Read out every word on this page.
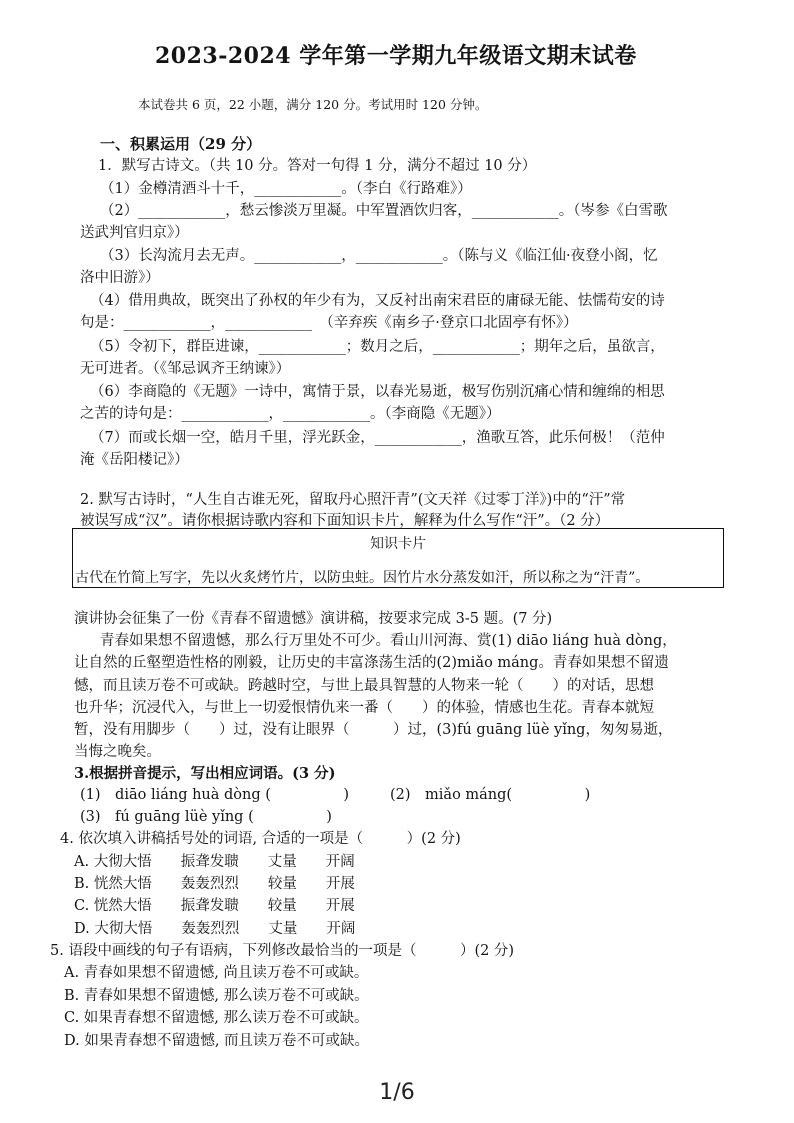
2023-2024 学年第一学期九年级语文期末试卷
本试卷共 6 页，22 小题，满分 120 分。考试用时 120 分钟。
一、积累运用（29 分）
1．默写古诗文。（共 10 分。答对一句得 1 分，满分不超过 10 分）
（1）金樽清酒斗十千，____________。（李白《行路难》）
（2）____________，愁云惨淡万里凝。中军置酒饮归客，____________。（岑参《白雪歌
送武判官归京》）
（3）长沟流月去无声。____________，____________。（陈与义《临江仙·夜登小阁，忆
洛中旧游》）
（4）借用典故，既突出了孙权的年少有为，又反衬出南宋君臣的庸碌无能、怯懦苟安的诗
句是：____________，____________　（辛弃疾《南乡子·登京口北固亭有怀》）
（5）令初下，群臣进谏，____________；数月之后，____________；期年之后，虽欲言，
无可进者。（《邹忌讽齐王纳谏》）
（6）李商隐的《无题》一诗中，寓情于景，以春光易逝，极写伤别沉痛心情和缠绵的相思
之苦的诗句是：____________，____________。（李商隐《无题》）
（7）而或长烟一空，皓月千里，浮光跃金，____________，渔歌互答，此乐何极！（范仲
淹《岳阳楼记》）
2. 默写古诗时，“人生自古谁无死，留取丹心照汗青”(文天祥《过零丁洋》)中的“汗”常
被误写成“汉”。请你根据诗歌内容和下面知识卡片，解释为什么写作“汗”。（2 分）
知识卡片
古代在竹简上写字，先以火炙烤竹片，以防虫蛀。因竹片水分蒸发如汗，所以称之为“汗青”。
演讲协会征集了一份《青春不留遗憾》演讲稿，按要求完成 3-5 题。(7 分)
青春如果想不留遗憾，那么行万里处不可少。看山川河海、赏(1) diāo liáng huà dòng，
让自然的丘壑塑造性格的刚毅，让历史的丰富涤荡生活的(2)miǎo máng。青春如果想不留遗
憾，而且读万卷不可或缺。跨越时空，与世上最具智慧的人物来一轮（　　）的对话，思想
也升华；沉浸代入，与世上一切爱恨情仇来一番（　　）的体验，情感也生花。青春本就短
暂，没有用脚步（　　）过，没有让眼界（　　　）过，(3)fú guāng lüè yǐng，匆匆易逝，
当悔之晚矣。
3.根据拼音提示，写出相应词语。(3 分)
(1)　diāo liáng huà dòng (　　　　　)	(2)　miǎo máng(　　　　　)
(3)　fú guāng lüè yǐng (　　　　　)
4. 依次填入讲稿括号处的词语, 合适的一项是（　　　）(2 分)
A. 大彻大悟　　振聋发聩　　丈量　　开阔
B. 恍然大悟　　轰轰烈烈　　较量　　开展
C. 恍然大悟　　振聋发聩　　较量　　开展
D. 大彻大悟　　轰轰烈烈　　丈量　　开阔
5. 语段中画线的句子有语病，下列修改最恰当的一项是（　　　）(2 分)
A. 青春如果想不留遗憾, 尚且读万卷不可或缺。
B. 青春如果想不留遗憾, 那么读万卷不可或缺。
C. 如果青春想不留遗憾, 那么读万卷不可或缺。
D. 如果青春想不留遗憾, 而且读万卷不可或缺。
1/6
